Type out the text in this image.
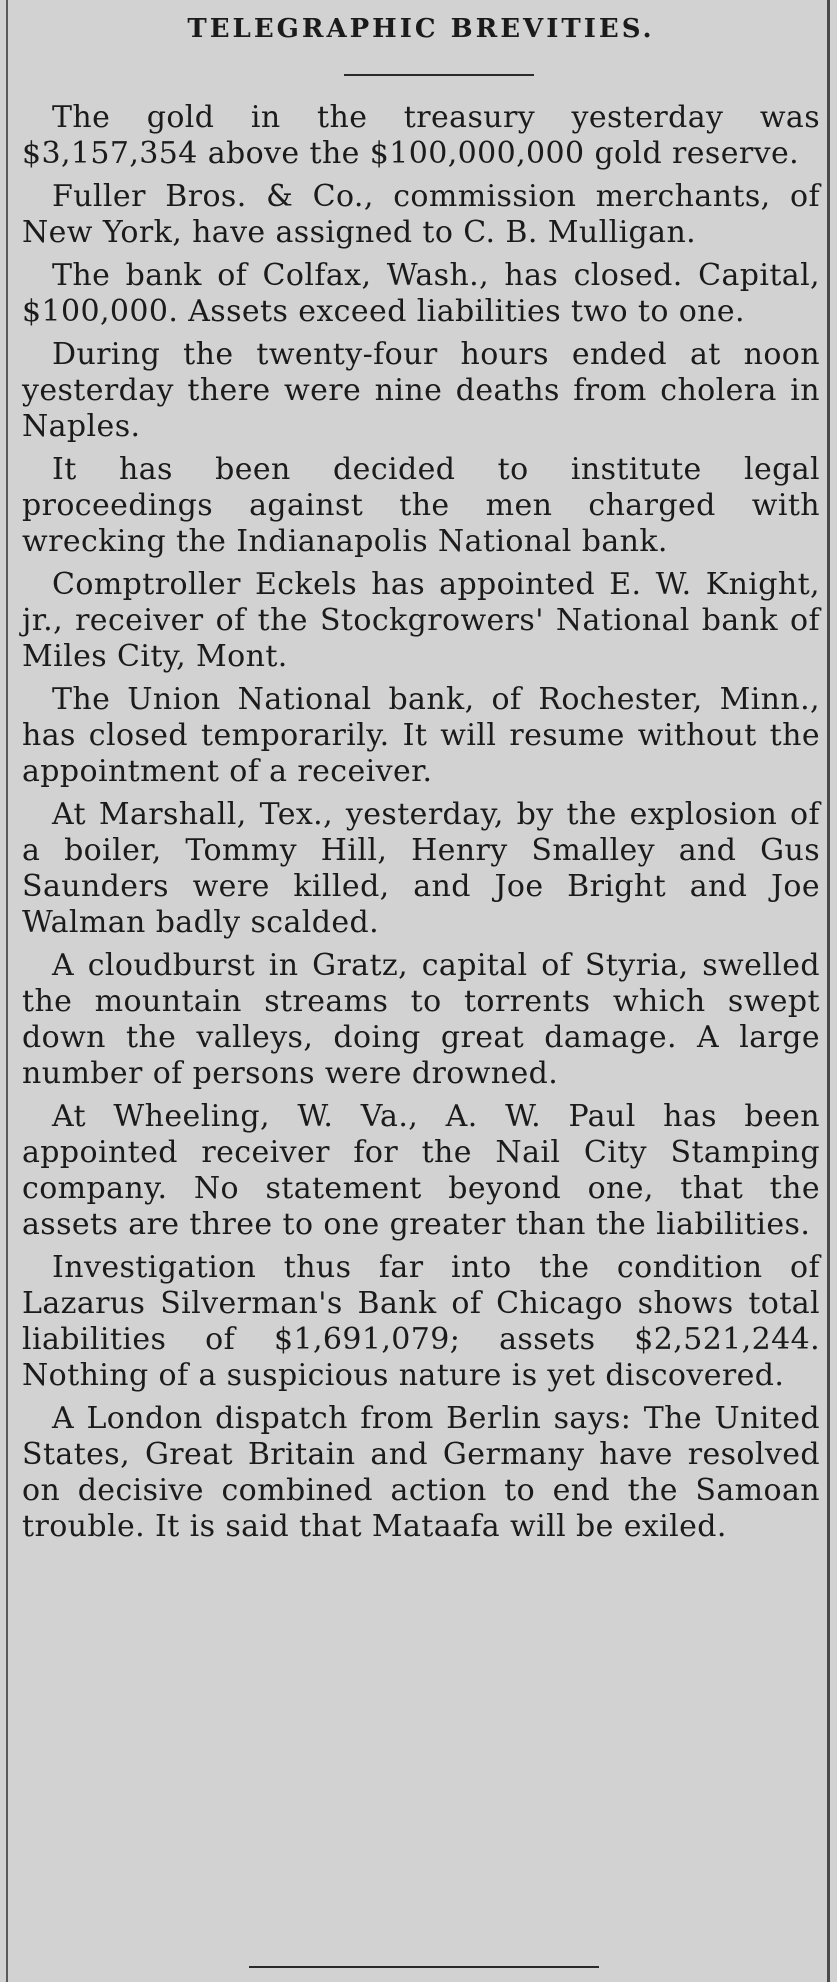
TELEGRAPHIC BREVITIES.

The gold in the treasury yesterday was $3,157,354 above the $100,000,000 gold reserve.

Fuller Bros. & Co., commission merchants, of New York, have assigned to C. B. Mulligan.

The bank of Colfax, Wash., has closed. Capital, $100,000. Assets exceed liabilities two to one.

During the twenty-four hours ended at noon yesterday there were nine deaths from cholera in Naples.

It has been decided to institute legal proceedings against the men charged with wrecking the Indianapolis National bank.

Comptroller Eckels has appointed E. W. Knight, jr., receiver of the Stockgrowers' National bank of Miles City, Mont.

The Union National bank, of Rochester, Minn., has closed temporarily. It will resume without the appointment of a receiver.

At Marshall, Tex., yesterday, by the explosion of a boiler, Tommy Hill, Henry Smalley and Gus Saunders were killed, and Joe Bright and Joe Walman badly scalded.

A cloudburst in Gratz, capital of Styria, swelled the mountain streams to torrents which swept down the valleys, doing great damage. A large number of persons were drowned.

At Wheeling, W. Va., A. W. Paul has been appointed receiver for the Nail City Stamping company. No statement beyond one, that the assets are three to one greater than the liabilities.

Investigation thus far into the condition of Lazarus Silverman's Bank of Chicago shows total liabilities of $1,691,079; assets $2,521,244. Nothing of a suspicious nature is yet discovered.

A London dispatch from Berlin says: The United States, Great Britain and Germany have resolved on decisive combined action to end the Samoan trouble. It is said that Mataafa will be exiled.
